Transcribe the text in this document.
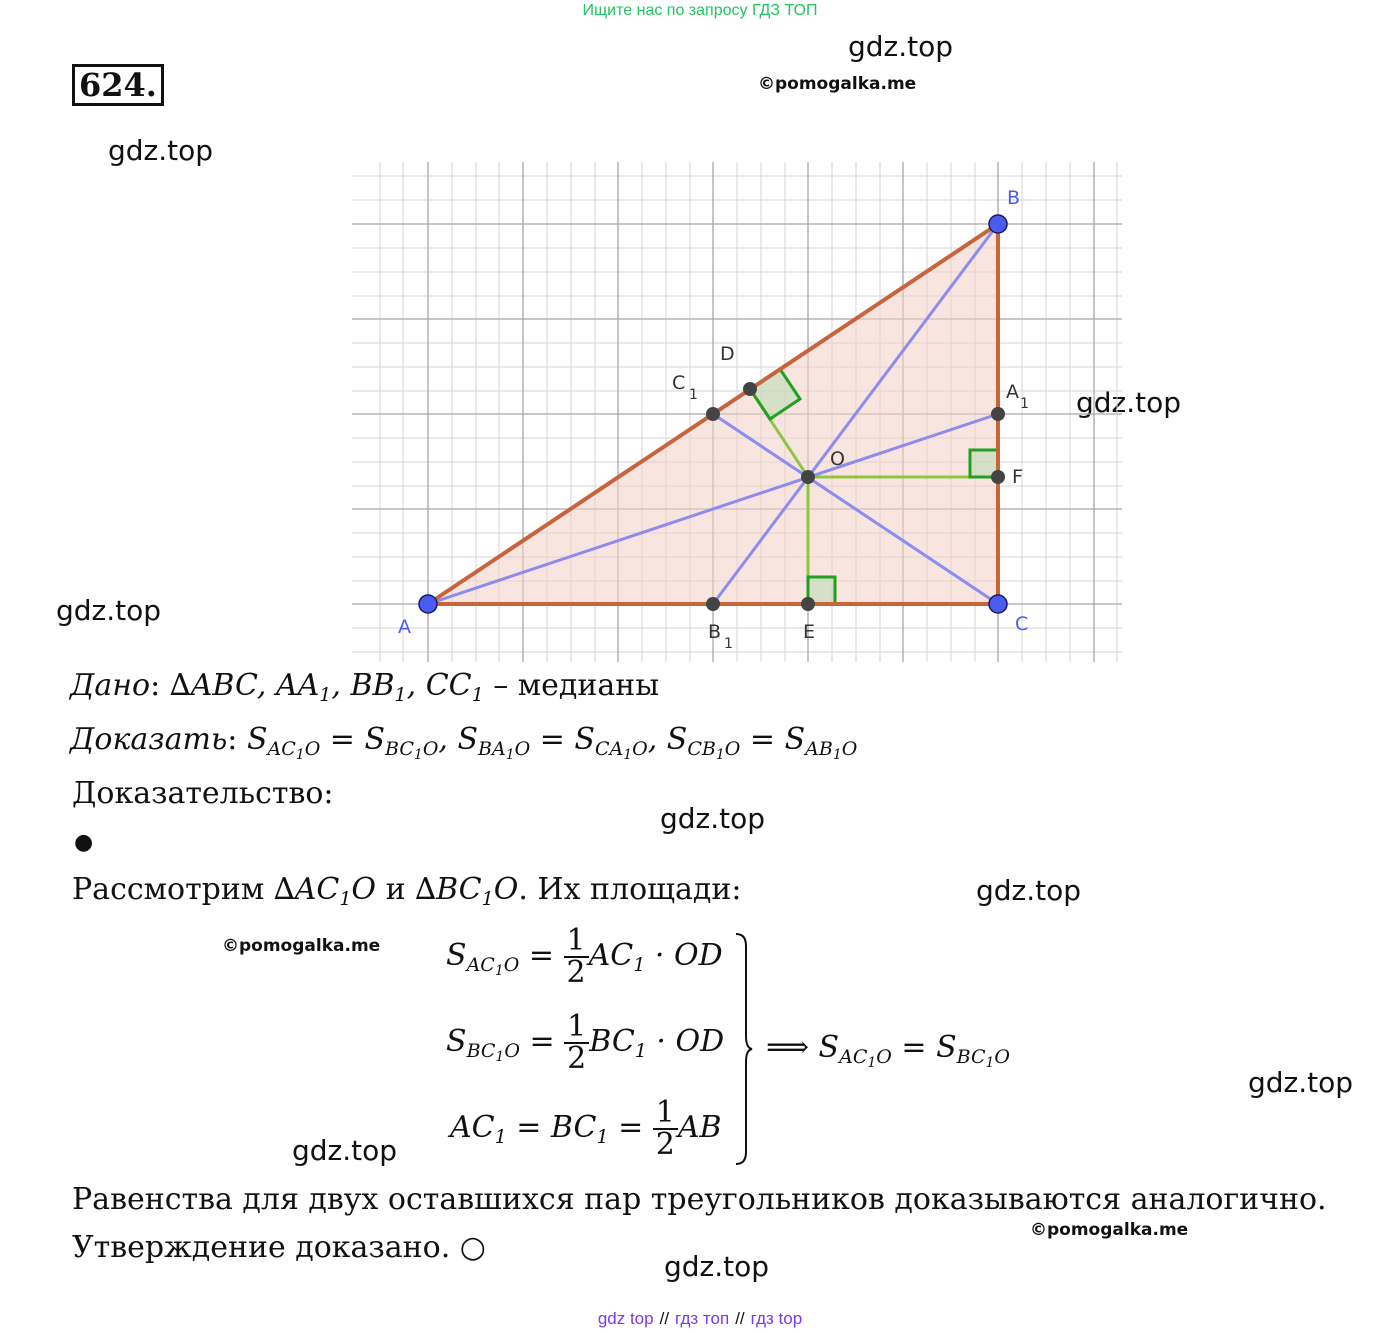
Ищите нас по запросу ГДЗ ТОП
624.
gdz.top
©pomogalka.me
gdz.top
gdz.top
gdz.top
gdz.top
gdz.top
©pomogalka.me
gdz.top
gdz.top
©pomogalka.me
gdz.top
A
B
C
D
O
F
E
C
1	A
1
B
1
Дано: ∆ABC, $AA_1$, $BB_1$, $CC_1$ – медианы
Доказать: $S_{AC_1O} = S_{BC_1O}$, $S_{BA_1O} = S_{CA_1O}$, $S_{CB_1O} = S_{AB_1O}$
Доказательство:
●
Рассмотрим $\Delta AC_1O$ и $\Delta BC_1O$. Их площади:
$S_{AC_1O} = \frac{1}{2} AC_1$ · OD
$S_{BC_1O} = \frac{1}{2} BC_1$ · OD
$AC_1 = BC_1 = \frac{1}{2}$ AB
⟹ $S_{AC_1O} = S_{BC_1O}$
Равенства для двух оставшихся пар треугольников доказываются аналогично.
Утверждение доказано. ○
gdz top // гдз топ // гдз top
